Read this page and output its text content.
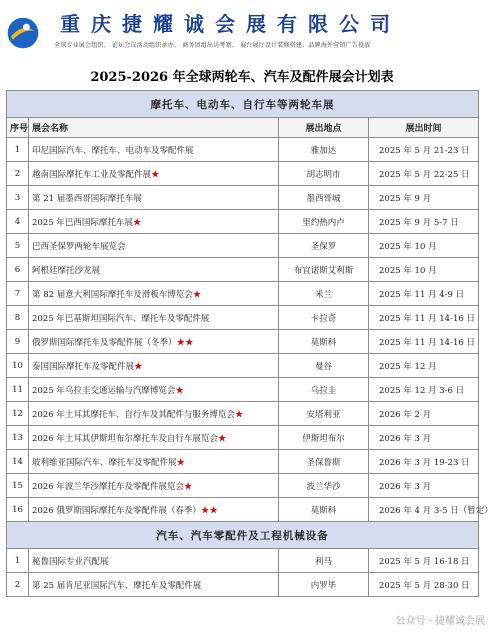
重庆捷耀诚会展有限公司
全球专业展会组织、 论坛会议活动组织承办、 商务团组出访考察、 展台展厅设计装修搭建、品牌海外营销广告投放
2025-2026 年全球两轮车、汽车及配件展会计划表
摩托车、电动车、自行车等两轮车展			
序号	展会名称	展出地点	展出时间
1	印尼国际汽车、摩托车、电动车及零配件展	雅加达	2025 年 5 月 21-23 日
2	越南国际摩托车工业及零配件展★	胡志明市	2025 年 5 月 22-25 日
3	第 21 届墨西哥国际摩托车展	墨西哥城	2025 年 9 月
4	2025 年巴西国际摩托车展★	里约热内卢	2025 年 9 月 5-7 日
5	巴西圣保罗两轮车展览会	圣保罗	2025 年 10 月
6	阿根廷摩托沙龙展	布宜诺斯艾利斯	2025 年 10 月
7	第 82 届意大利国际摩托车及滑板车博览会★	米兰	2025 年 11 月 4-9 日
8	2025 年巴基斯坦国际汽车、摩托车及零配件展	卡拉奇	2025 年 11 月 14-16 日
9	俄罗斯国际摩托车及零配件展（冬季）★★	莫斯科	2025 年 11 月 14-16 日
10	泰国国际摩托车及零配件展★	曼谷	2025 年 12 月
11	2025 年乌拉圭交通运输与汽摩博览会★	乌拉圭	2025 年 12 月 3-6 日
12	2026 年土耳其摩托车、自行车及其配件与服务博览会★	安塔利亚	2026 年 2 月
13	2026 年土耳其伊斯坦布尔摩托车及自行车展览会★	伊斯坦布尔	2026 年 3 月
14	玻利维亚国际汽车、摩托车及零配件展★	圣保鲁斯	2026 年 3 月 19-23 日
15	2026 年波兰华沙摩托车及零配件展览会★	波兰华沙	2026 年 3 月
16	2026 俄罗斯国际摩托车及零配件展（春季）★★	莫斯科	2026 年 4 月 3-5 日（暂定）
汽车、汽车零配件及工程机械设备			
1	秘鲁国际专业汽配展	利马	2025 年 5 月 16-18 日
2	第 25 届肯尼亚国际汽车、摩托车及零配件展	内罗毕	2025 年 5 月 28-30 日
公众号 · 捷耀诚会展
